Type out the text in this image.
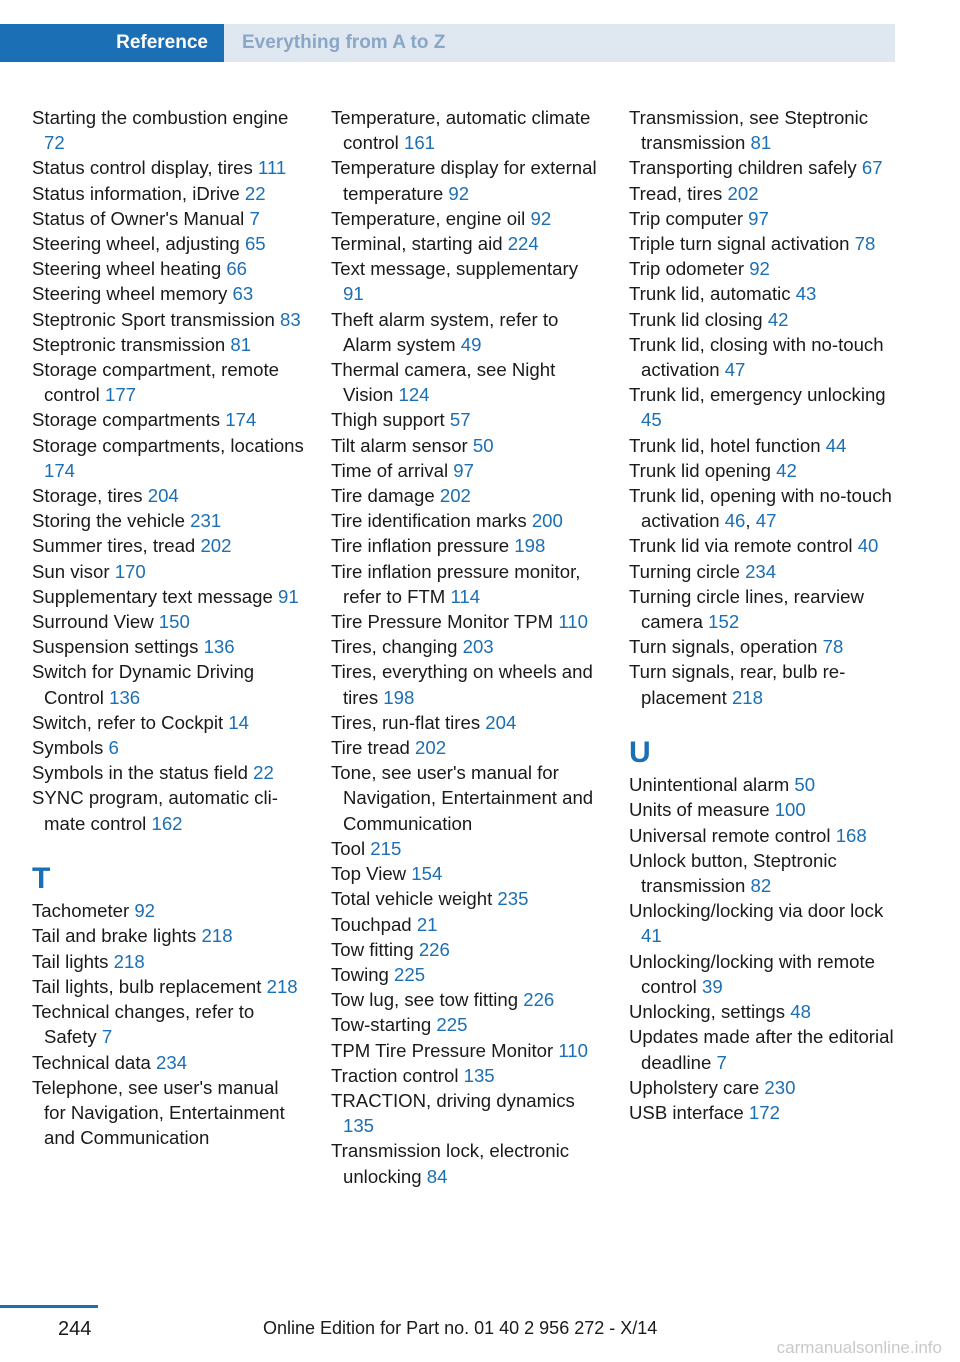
Reference	Everything from A to Z
Starting the combustion engine 72
Status control display, tires 111
Status information, iDrive 22
Status of Owner's Manual 7
Steering wheel, adjusting 65
Steering wheel heating 66
Steering wheel memory 63
Steptronic Sport transmission 83
Steptronic transmission 81
Storage compartment, remote control 177
Storage compartments 174
Storage compartments, locations 174
Storage, tires 204
Storing the vehicle 231
Summer tires, tread 202
Sun visor 170
Supplementary text message 91
Surround View 150
Suspension settings 136
Switch for Dynamic Driving Control 136
Switch, refer to Cockpit 14
Symbols 6
Symbols in the status field 22
SYNC program, automatic climate control 162
T
Tachometer 92
Tail and brake lights 218
Tail lights 218
Tail lights, bulb replacement 218
Technical changes, refer to Safety 7
Technical data 234
Telephone, see user's manual for Navigation, Entertainment and Communication
Temperature, automatic climate control 161
Temperature display for external temperature 92
Temperature, engine oil 92
Terminal, starting aid 224
Text message, supplementary 91
Theft alarm system, refer to Alarm system 49
Thermal camera, see Night Vision 124
Thigh support 57
Tilt alarm sensor 50
Time of arrival 97
Tire damage 202
Tire identification marks 200
Tire inflation pressure 198
Tire inflation pressure monitor, refer to FTM 114
Tire Pressure Monitor TPM 110
Tires, changing 203
Tires, everything on wheels and tires 198
Tires, run-flat tires 204
Tire tread 202
Tone, see user's manual for Navigation, Entertainment and Communication
Tool 215
Top View 154
Total vehicle weight 235
Touchpad 21
Tow fitting 226
Towing 225
Tow lug, see tow fitting 226
Tow-starting 225
TPM Tire Pressure Monitor 110
Traction control 135
TRACTION, driving dynamics 135
Transmission lock, electronic unlocking 84
Transmission, see Steptronic transmission 81
Transporting children safely 67
Tread, tires 202
Trip computer 97
Triple turn signal activation 78
Trip odometer 92
Trunk lid, automatic 43
Trunk lid closing 42
Trunk lid, closing with no-touch activation 47
Trunk lid, emergency unlocking 45
Trunk lid, hotel function 44
Trunk lid opening 42
Trunk lid, opening with no-touch activation 46, 47
Trunk lid via remote control 40
Turning circle 234
Turning circle lines, rearview camera 152
Turn signals, operation 78
Turn signals, rear, bulb replacement 218
U
Unintentional alarm 50
Units of measure 100
Universal remote control 168
Unlock button, Steptronic transmission 82
Unlocking/locking via door lock 41
Unlocking/locking with remote control 39
Unlocking, settings 48
Updates made after the editorial deadline 7
Upholstery care 230
USB interface 172
244	Online Edition for Part no. 01 40 2 956 272 - X/14
carmanualsonline.info
